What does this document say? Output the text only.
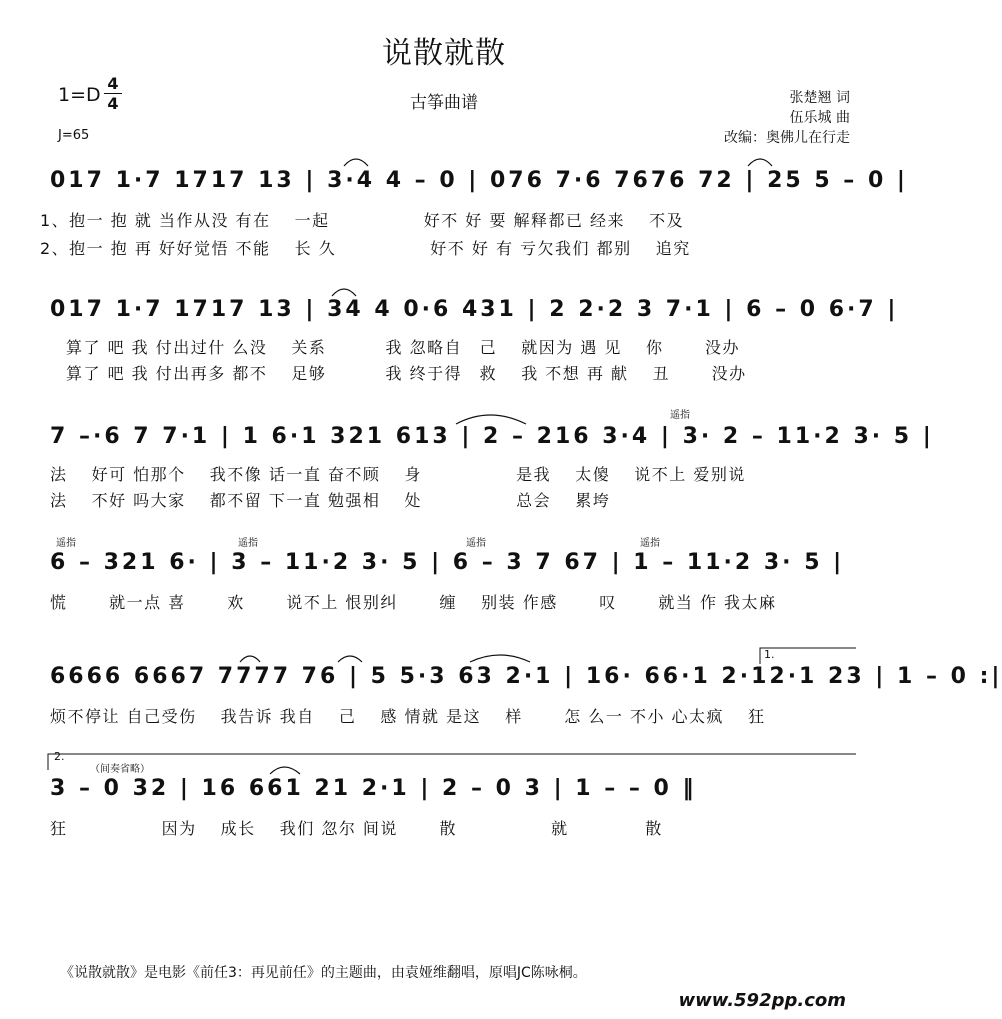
说散就散
古筝曲谱
1=D
4
4
J=65
张楚翘 词
伍乐城 曲
改编：奥佛儿在行走
017 1·7 1717 13 | 3·4 4 – 0 | 076 7·6 7676 72 | 25 5 – 0 |
1、抱一 抱 就 当作从没 有在　 一起　　　　　 好不 好 要 解释都已 经来　 不及
2、抱一 抱 再 好好觉悟 不能　 长 久　　　　　 好不 好 有 亏欠我们 都别　 追究
017 1·7 1717 13 | 34 4 0·6 431 | 2 2·2 3 7·1 | 6 – 0 6·7 |
算了 吧 我 付出过什 么没　 关系　　　 我 忽略自　己　 就因为 遇 见　 你　　 没办
算了 吧 我 付出再多 都不　 足够　　　 我 终于得　救　 我 不想 再 献　 丑　　 没办
遥指
7 –·6 7 7·1 | 1 6·1 321 613 | 2 – 216 3·4 | 3· 2 – 11·2 3· 5 |
法　 好可 怕那个　 我不像 话一直 奋不顾　 身　　　　　 是我　 太傻　 说不上 爱别说
法　 不好 吗大家　 都不留 下一直 勉强相　 处　　　　　 总会　 累垮
遥指	遥指	遥指	遥指
6 – 321 6· | 3 – 11·2 3· 5 | 6 – 3 7 67 | 1 – 11·2 3· 5 |
慌　　 就一点 喜　　 欢　　 说不上 恨别纠　　 缠　 别装 作感　　 叹　　 就当 作 我太麻
1.
6666 6667 7777 76 | 5 5·3 63 2·1 | 16· 66·1 2·12·1 23 | 1 – 0 :|
烦不停让 自己受伤　 我告诉 我自　 己　 感 情就 是这　 样　　 怎 么一 不小 心太疯　 狂
2.
（间奏省略）
3 – 0 32 | 16 661 21 2·1 | 2 – 0 3 | 1 – – 0 ‖
狂　　　　　 因为　 成长　 我们 忽尔 间说　　 散　　　　　 就　　　　 散
《说散就散》是电影《前任3：再见前任》的主题曲，由袁娅维翻唱，原唱JC陈咏桐。
www.592pp.com
